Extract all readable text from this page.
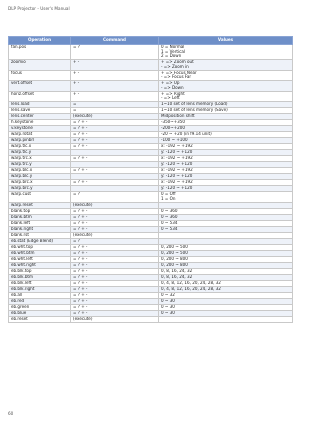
DLP Projector - User's Manual
Operation	Command	Values
fan.pos	= ?	0 = Normal
1 = Vertical
2 = Down

zoomio	+ -	+ => Zoom out
- => Zoom in

focus	+ -	+ => Focus Near
- => Focus Far

vert.offset	+ -	+ => Up
- => Down

horiz.offset	+ -	+ => Right
- => Left

lens.load	=	1~10 set of lens memory (Load)

lens.save	=	1~10 set of lens memory (Save)

lens.center	(execute)	Midposition shift

h.keystone	= ? + -	-350~+350

v.keystone	= ? + -	-200~+200

warp.rotat	= ? + -	-20 ~ +20 (in f9.14 unit)

warp.pinbrl	= ? + -	-100 ~ +100

warp.tlc.x	= ? + -	x: -192 ~ +192

warp.tlc.y		y: -120 ~ +120

warp.trc.x	= ? + -	x: -192 ~ +192

warp.trc.y		y: -120 ~ +120

warp.blc.x	= ? + -	x: -192 ~ +192

warp.blc.y		y: -120 ~ +120

warp.brc.x	= ? + -	x: -192 ~ +192

warp.brc.y		y: -120 ~ +120

warp.cust	= ?	0 = Off
1 = On

warp.reset	(execute)	

blank.top	= ? + -	0 ~ 360

blank.btm	= ? + -	0 ~ 360

blank.left	= ? + -	0 ~ 534

blank.right	= ? + -	0 ~ 534

blank.rst	(execute)	

eb.stat (Edge Blend)	= ?	

eb.wht.top	= ? + -	0, 200 ~ 500

eb.wht.btm	= ? + -	0, 200 ~ 500

eb.wht.left	= ? + -	0, 200 ~ 800

eb.wht.right	= ? + -	0, 200 ~ 800

eb.blk.top	= ? + -	0, 8, 16, 24, 32

eb.blk.btm	= ? + -	0, 8, 16, 24, 32

eb.blk.left	= ? + -	0, 4, 8, 12, 16, 20, 24, 28, 32

eb.blk.right	= ? + -	0, 4, 8, 12, 16, 20, 24, 28, 32

eb.all	= ? + -	0 ~ 32

eb.red	= ? + -	0 ~ 30

eb.green	= ? + -	0 ~ 30

eb.blue	= ? + -	0 ~ 30

eb.reset	(execute)	
60
